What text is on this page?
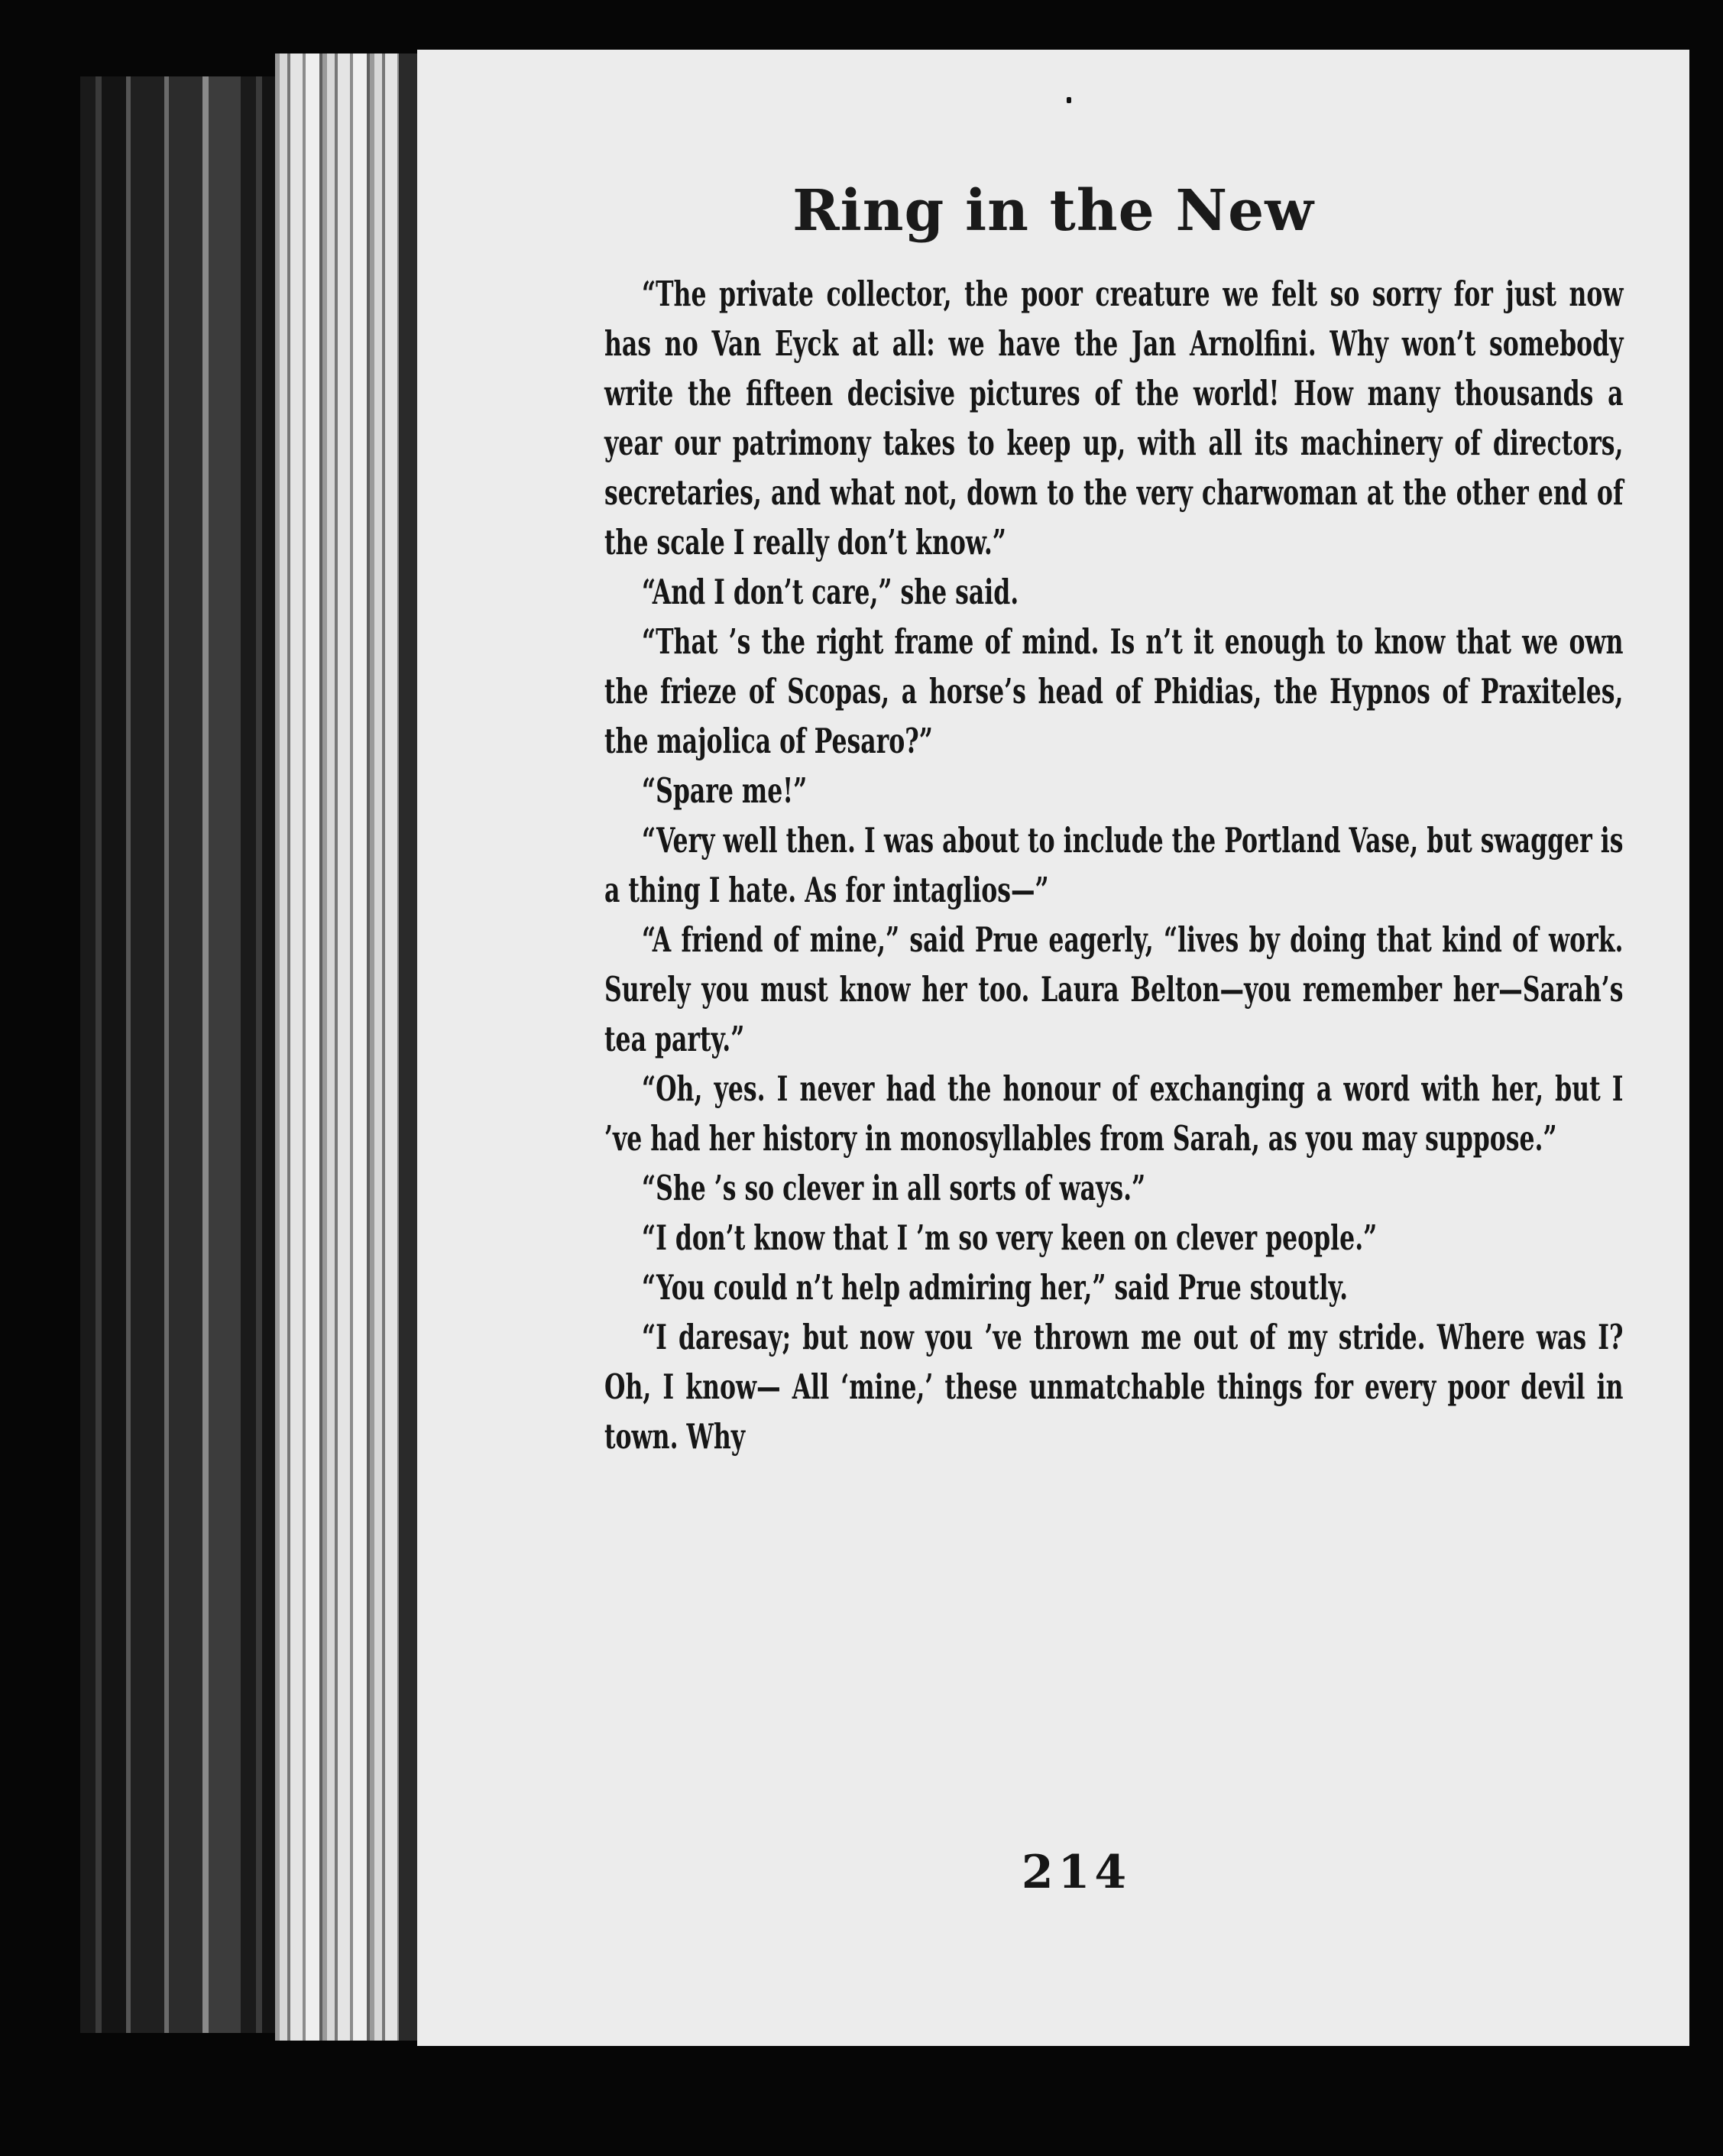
Ring in the New

“The private collector, the poor creature we felt so sorry for just now has no Van Eyck at all: we have the Jan Arnolfini. Why won’t somebody write the fifteen decisive pictures of the world! How many thousands a year our patrimony takes to keep up, with all its machinery of directors, secretaries, and what not, down to the very charwoman at the other end of the scale I really don’t know.”

“And I don’t care,” she said.

“That ’s the right frame of mind. Is n’t it enough to know that we own the frieze of Scopas, a horse’s head of Phidias, the Hypnos of Praxiteles, the majolica of Pesaro?”

“Spare me!”

“Very well then. I was about to include the Portland Vase, but swagger is a thing I hate. As for intaglios—”

“A friend of mine,” said Prue eagerly, “lives by doing that kind of work. Surely you must know her too. Laura Belton—you remember her—Sarah’s tea party.”

“Oh, yes. I never had the honour of exchanging a word with her, but I ’ve had her history in monosyllables from Sarah, as you may suppose.”

“She ’s so clever in all sorts of ways.”

“I don’t know that I ’m so very keen on clever people.”

“You could n’t help admiring her,” said Prue stoutly.

“I daresay; but now you ’ve thrown me out of my stride. Where was I? Oh, I know— All ‘mine,’ these unmatchable things for every poor devil in town. Why

214
